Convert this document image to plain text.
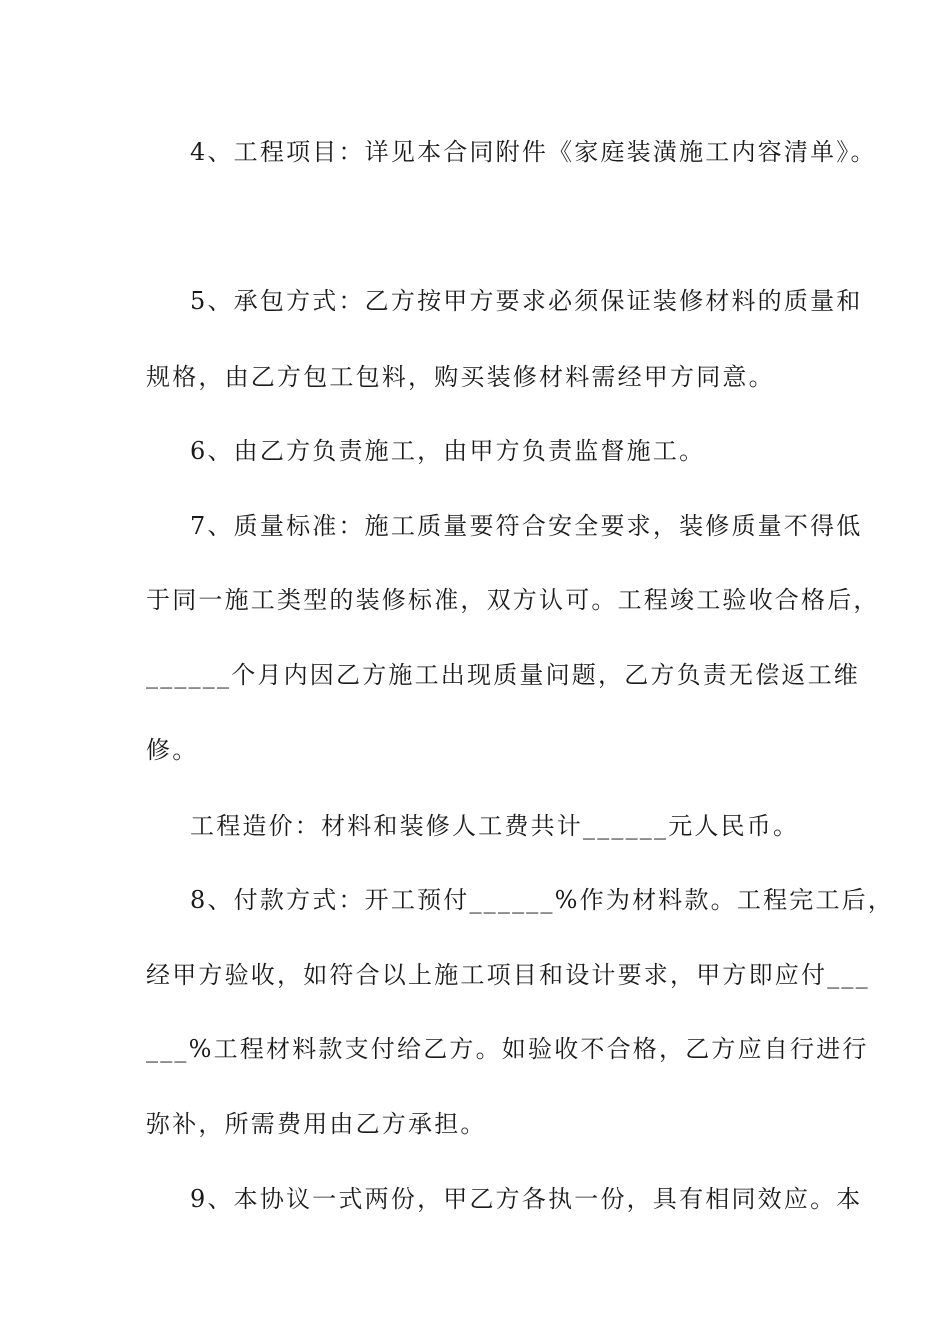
4、工程项目：详见本合同附件《家庭装潢施工内容清单》。
5、承包方式：乙方按甲方要求必须保证装修材料的质量和
规格，由乙方包工包料，购买装修材料需经甲方同意。
6、由乙方负责施工，由甲方负责监督施工。
7、质量标准：施工质量要符合安全要求，装修质量不得低
于同一施工类型的装修标准，双方认可。工程竣工验收合格后，
______个月内因乙方施工出现质量问题，乙方负责无偿返工维
修。
工程造价：材料和装修人工费共计______元人民币。
8、付款方式：开工预付______%作为材料款。工程完工后，
经甲方验收，如符合以上施工项目和设计要求，甲方即应付___
___%工程材料款支付给乙方。如验收不合格，乙方应自行进行
弥补，所需费用由乙方承担。
9、本协议一式两份，甲乙方各执一份，具有相同效应。本
